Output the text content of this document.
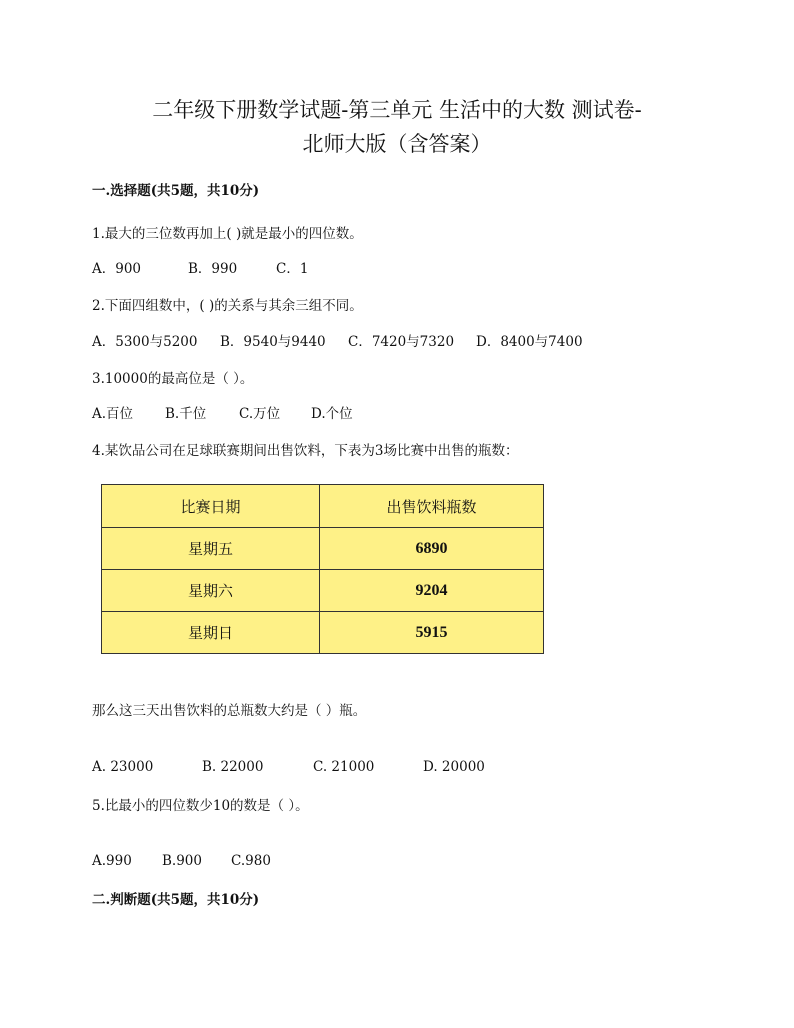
二年级下册数学试题-第三单元 生活中的大数 测试卷-
北师大版（含答案）
一.选择题(共5题，共10分)
1.最大的三位数再加上( )就是最小的四位数。
A．900	B．990	C．1
2.下面四组数中，( )的关系与其余三组不同。
A．5300与5200 B．9540与9440 C．7420与7320 D．8400与7400
3.10000的最高位是（ ）。
A.百位 B.千位 C.万位 D.个位
4.某饮品公司在足球联赛期间出售饮料，下表为3场比赛中出售的瓶数：
比赛日期	出售饮料瓶数
星期五	6890
星期六	9204
星期日	5915
那么这三天出售饮料的总瓶数大约是（ ）瓶。
A. 23000	B. 22000	C. 21000	D. 20000
5.比最小的四位数少10的数是（ ）。
A.990 B.900 C.980
二.判断题(共5题，共10分)
